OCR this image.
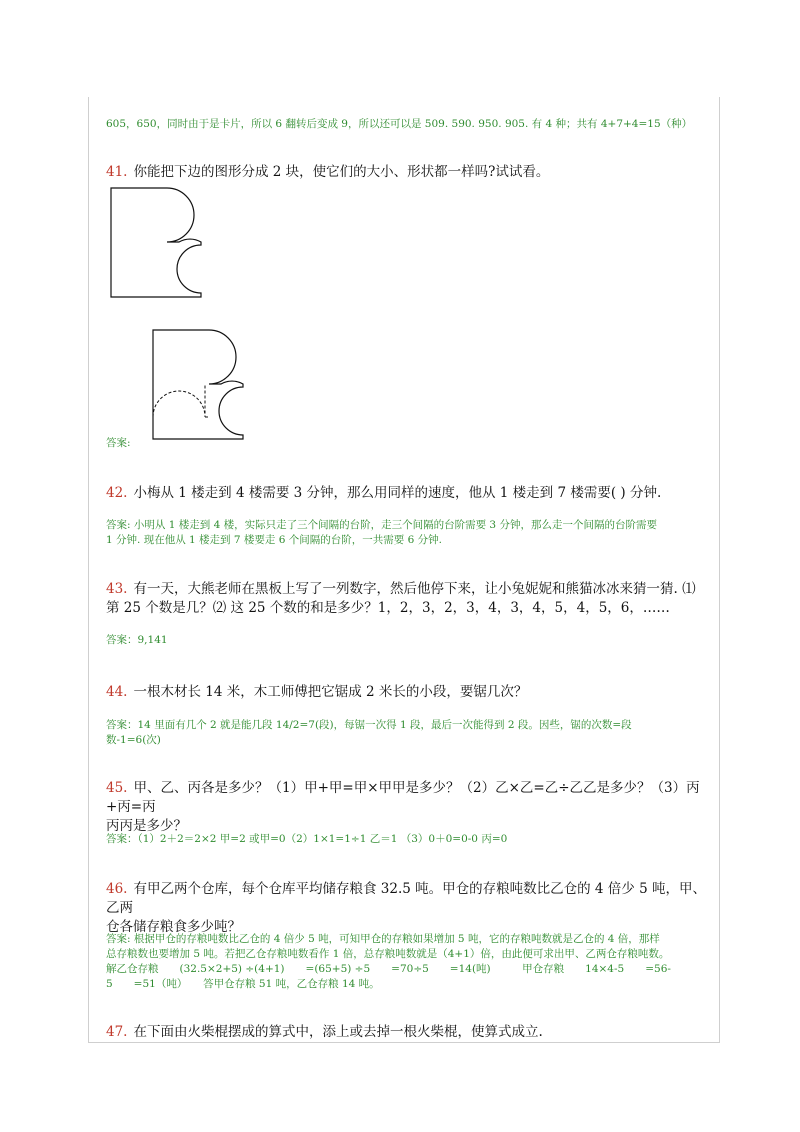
605，650，同时由于是卡片，所以 6 翻转后变成 9，所以还可以是 509. 590. 950. 905. 有 4 种；共有 4+7+4=15（种）
41. 你能把下边的图形分成 2 块，使它们的大小、形状都一样吗?试试看。
答案:
42. 小梅从 1 楼走到 4 楼需要 3 分钟，那么用同样的速度，他从 1 楼走到 7 楼需要( ) 分钟.
答案: 小明从 1 楼走到 4 楼，实际只走了三个间隔的台阶，走三个间隔的台阶需要 3 分钟，那么走一个间隔的台阶需要
1 分钟. 现在他从 1 楼走到 7 楼要走 6 个间隔的台阶，一共需要 6 分钟.
43. 有一天，大熊老师在黑板上写了一列数字，然后他停下来，让小兔妮妮和熊猫冰冰来猜一猜. ⑴
第 25 个数是几？⑵ 这 25 个数的和是多少？1，2，3，2，3，4，3，4，5，4，5，6，……
答案：9,141
44. 一根木材长 14 米，木工师傅把它锯成 2 米长的小段，要锯几次？
答案：14 里面有几个 2 就是能几段 14/2=7(段)，每锯一次得 1 段，最后一次能得到 2 段。因些，锯的次数=段
数-1=6(次)
45. 甲、乙、丙各是多少？（1）甲+甲=甲×甲甲是多少？（2）乙×乙=乙÷乙乙是多少？（3）丙+丙=丙
丙丙是多少？
答案：（1）2＋2＝2×2 甲=2 或甲=0（2）1×1=1÷1 乙＝1 （3）0＋0=0-0 丙=0
46. 有甲乙两个仓库，每个仓库平均储存粮食 32.5 吨。甲仓的存粮吨数比乙仓的 4 倍少 5 吨，甲、乙两
仓各储存粮食多少吨？
答案: 根据甲仓的存粮吨数比乙仓的 4 倍少 5 吨，可知甲仓的存粮如果增加 5 吨，它的存粮吨数就是乙仓的 4 倍，那样
总存粮数也要增加 5 吨。若把乙仓存粮吨数看作 1 倍，总存粮吨数就是（4+1）倍，由此便可求出甲、乙两仓存粮吨数。
解乙仓存粮　　(32.5×2+5) ÷(4+1)　　=(65+5) ÷5　　=70÷5　　=14(吨)　　　甲仓存粮　　14×4-5　　=56-
5　　=51（吨）　　答甲仓存粮 51 吨，乙仓存粮 14 吨。
47. 在下面由火柴棍摆成的算式中，添上或去掉一根火柴棍，使算式成立.
